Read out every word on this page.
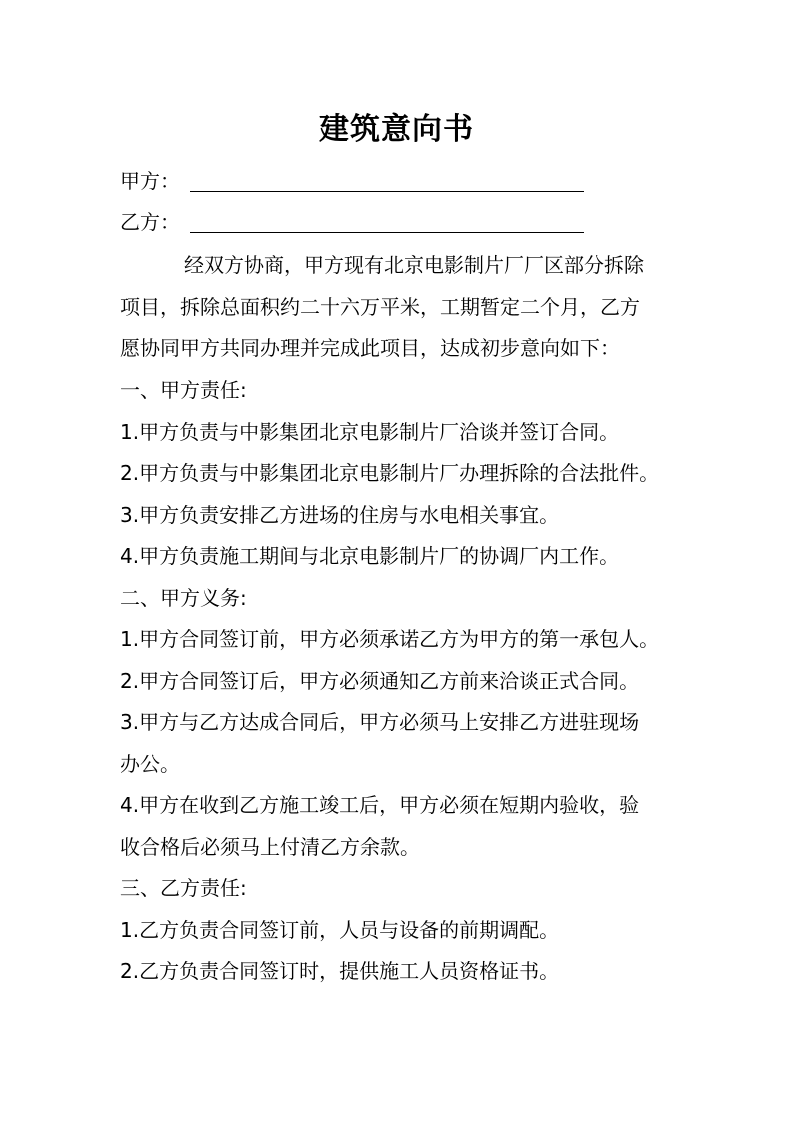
建筑意向书
甲方：
乙方：
经双方协商，甲方现有北京电影制片厂厂区部分拆除
项目，拆除总面积约二十六万平米，工期暂定二个月，乙方
愿协同甲方共同办理并完成此项目，达成初步意向如下：
一、甲方责任:
1.甲方负责与中影集团北京电影制片厂洽谈并签订合同。
2.甲方负责与中影集团北京电影制片厂办理拆除的合法批件。
3.甲方负责安排乙方进场的住房与水电相关事宜。
4.甲方负责施工期间与北京电影制片厂的协调厂内工作。
二、甲方义务:
1.甲方合同签订前，甲方必须承诺乙方为甲方的第一承包人。
2.甲方合同签订后，甲方必须通知乙方前来洽谈正式合同。
3.甲方与乙方达成合同后，甲方必须马上安排乙方进驻现场
办公。
4.甲方在收到乙方施工竣工后，甲方必须在短期内验收，验
收合格后必须马上付清乙方余款。
三、乙方责任:
1.乙方负责合同签订前，人员与设备的前期调配。
2.乙方负责合同签订时，提供施工人员资格证书。
